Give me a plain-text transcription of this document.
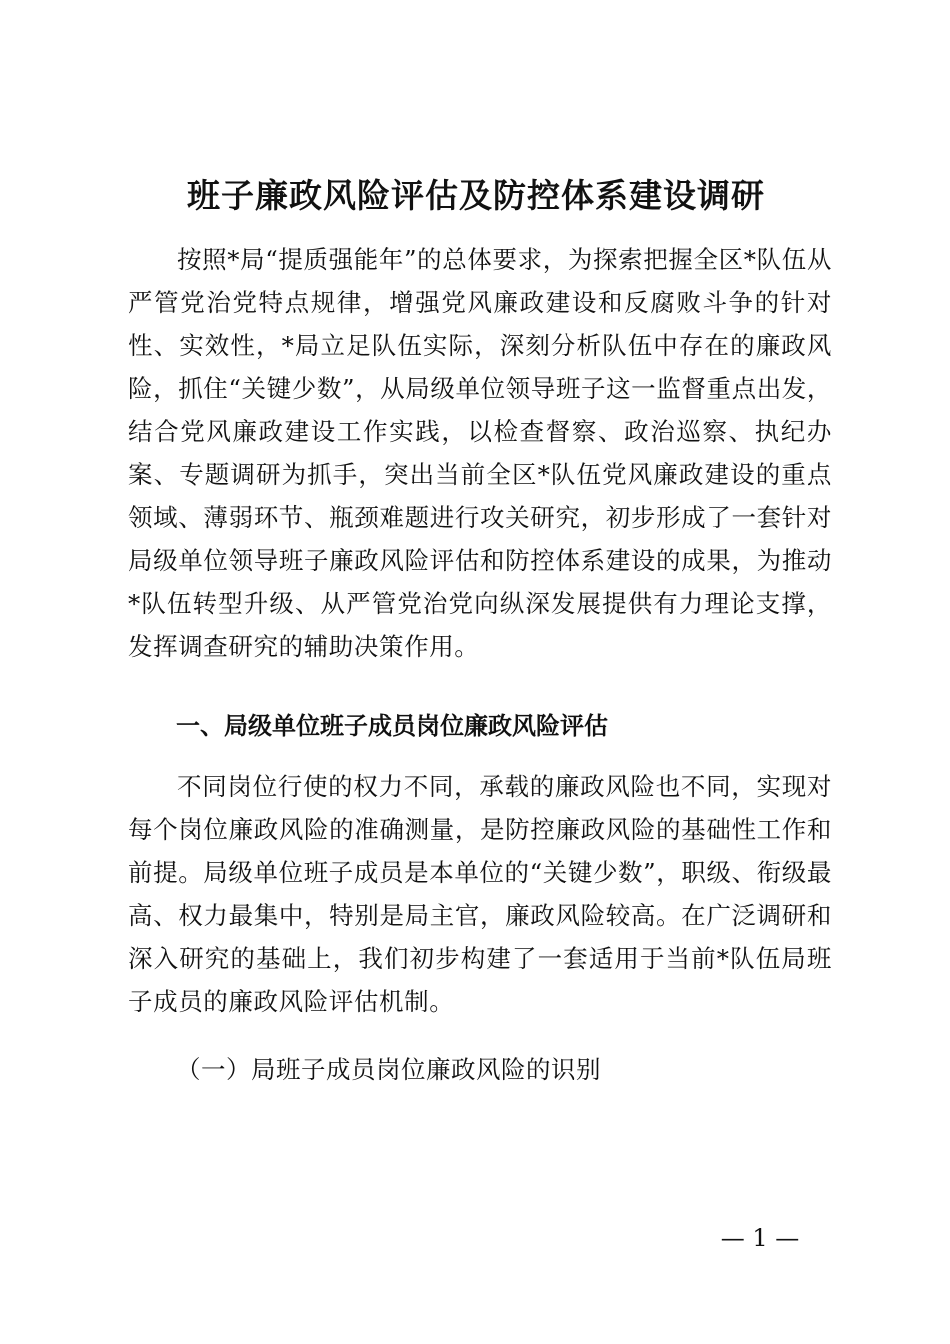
班子廉政风险评估及防控体系建设调研

按照*局“提质强能年”的总体要求，为探索把握全区*队伍从严管党治党特点规律，增强党风廉政建设和反腐败斗争的针对性、实效性，*局立足队伍实际，深刻分析队伍中存在的廉政风险，抓住“关键少数”，从局级单位领导班子这一监督重点出发，结合党风廉政建设工作实践，以检查督察、政治巡察、执纪办案、专题调研为抓手，突出当前全区*队伍党风廉政建设的重点领域、薄弱环节、瓶颈难题进行攻关研究，初步形成了一套针对局级单位领导班子廉政风险评估和防控体系建设的成果，为推动*队伍转型升级、从严管党治党向纵深发展提供有力理论支撑，发挥调查研究的辅助决策作用。

一、局级单位班子成员岗位廉政风险评估

不同岗位行使的权力不同，承载的廉政风险也不同，实现对每个岗位廉政风险的准确测量，是防控廉政风险的基础性工作和前提。局级单位班子成员是本单位的“关键少数”，职级、衔级最高、权力最集中，特别是局主官，廉政风险较高。在广泛调研和深入研究的基础上，我们初步构建了一套适用于当前*队伍局班子成员的廉政风险评估机制。

（一）局班子成员岗位廉政风险的识别
— 1 —
